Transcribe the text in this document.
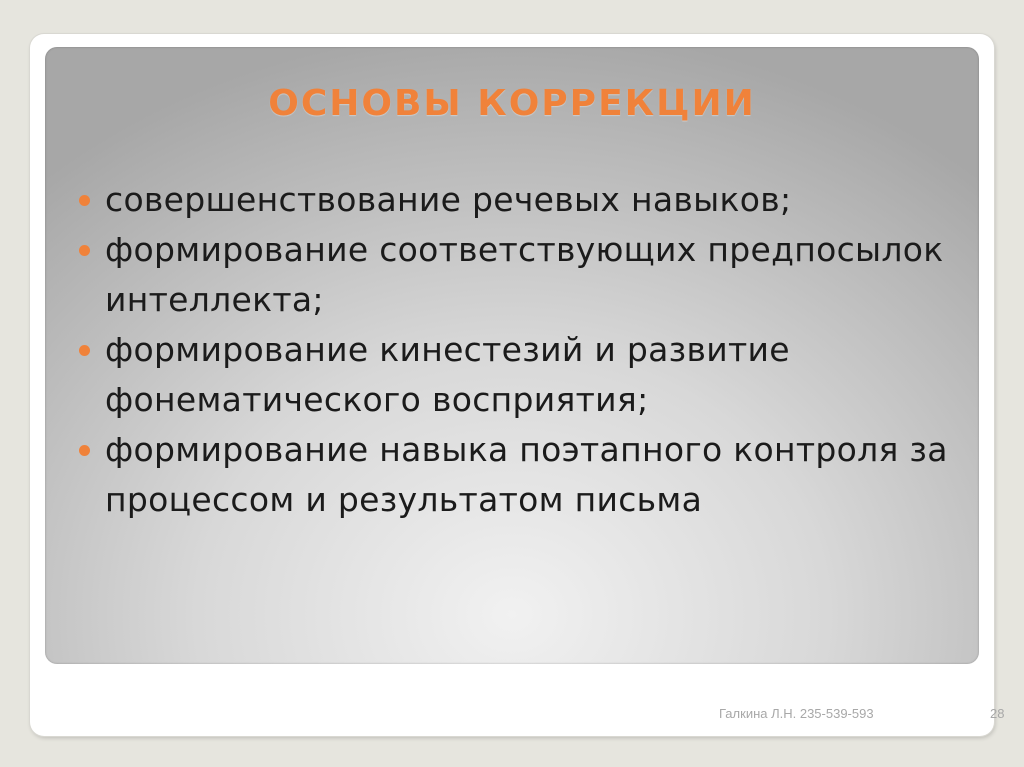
ОСНОВЫ КОРРЕКЦИИ
совершенствование речевых навыков;
формирование соответствующих предпосылок интеллекта;
формирование кинестезий и развитие фонематического восприятия;
формирование навыка поэтапного контроля за процессом и результатом письма
Галкина Л.Н. 235-539-593	28
